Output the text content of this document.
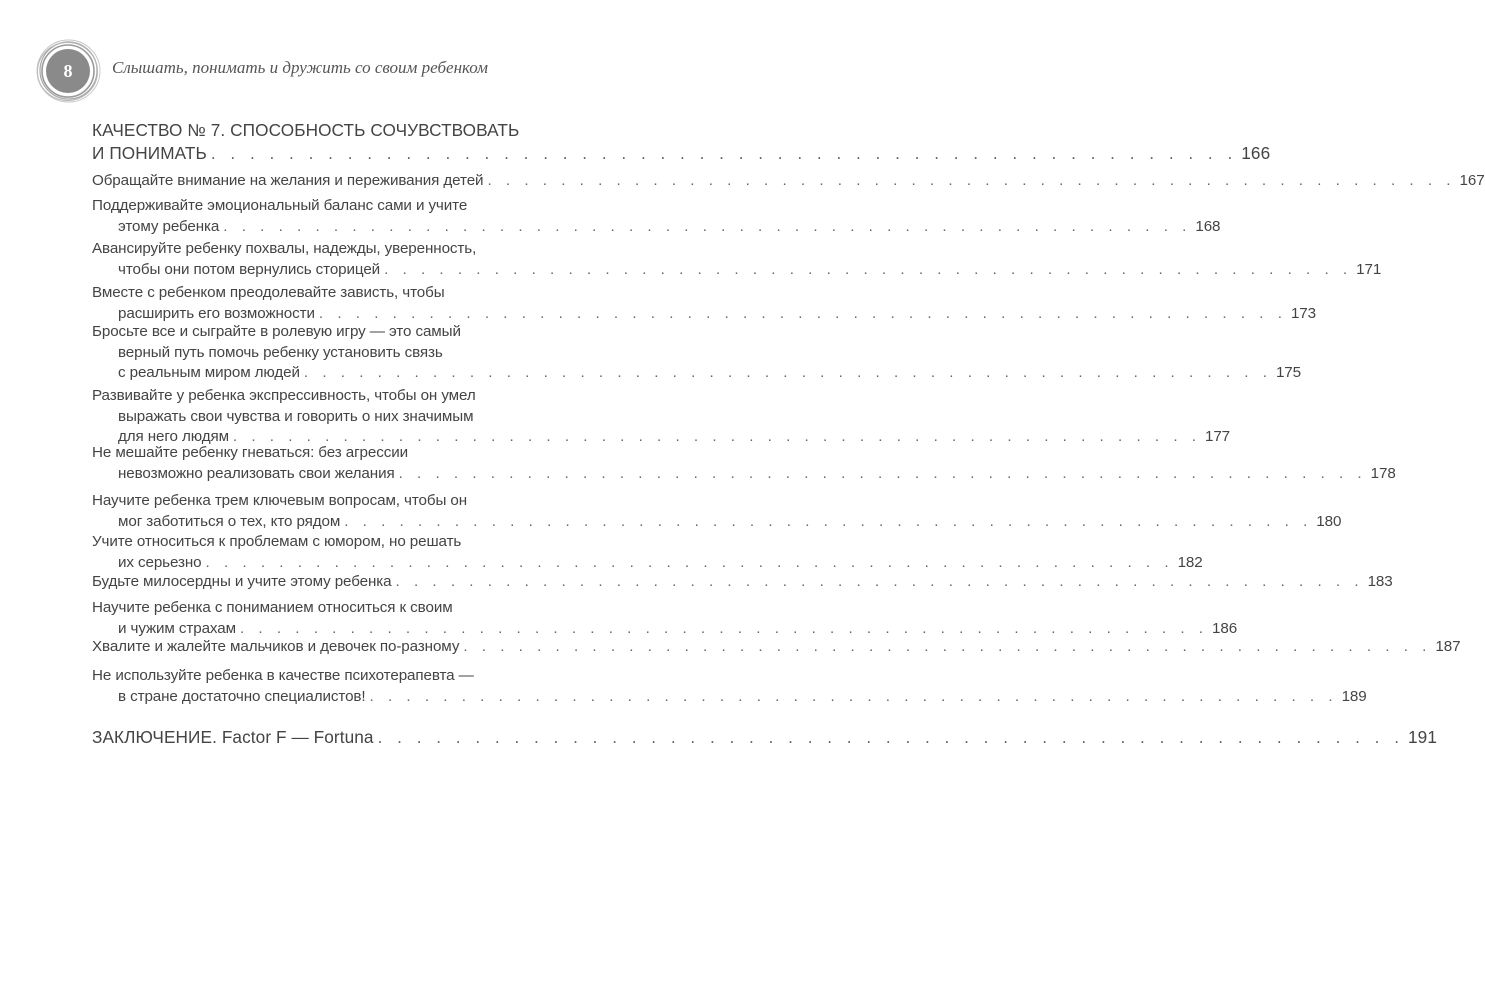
8	Слышать, понимать и дружить со своим ребенком
КАЧЕСТВО № 7. СПОСОБНОСТЬ СОЧУВСТВОВАТЬ
И ПОНИМАТЬ . . . . . . . . . . . . . . . . . . . . . . . . . . . . . . . . . . . . . . . . . . . . . . . . . . . . . 166
Обращайте внимание на желания и переживания детей . . . . . . . . . . . . . . . . . . . . . . . . . . . . . . . . . . . . . . . . . . . . . . . . . . . . . 167
Поддерживайте эмоциональный баланс сами и учите
этому ребенка . . . . . . . . . . . . . . . . . . . . . . . . . . . . . . . . . . . . . . . . . . . . . . . . . . . . . 168
Авансируйте ребенку похвалы, надежды, уверенность,
чтобы они потом вернулись сторицей . . . . . . . . . . . . . . . . . . . . . . . . . . . . . . . . . . . . . . . . . . . . . . . . . . . . . 171
Вместе с ребенком преодолевайте зависть, чтобы
расширить его возможности . . . . . . . . . . . . . . . . . . . . . . . . . . . . . . . . . . . . . . . . . . . . . . . . . . . . . 173
Бросьте все и сыграйте в ролевую игру — это самый
верный путь помочь ребенку установить связь
с реальным миром людей . . . . . . . . . . . . . . . . . . . . . . . . . . . . . . . . . . . . . . . . . . . . . . . . . . . . . 175
Развивайте у ребенка экспрессивность, чтобы он умел
выражать свои чувства и говорить о них значимым
для него людям . . . . . . . . . . . . . . . . . . . . . . . . . . . . . . . . . . . . . . . . . . . . . . . . . . . . . 177
Не мешайте ребенку гневаться: без агрессии
невозможно реализовать свои желания . . . . . . . . . . . . . . . . . . . . . . . . . . . . . . . . . . . . . . . . . . . . . . . . . . . . . 178
Научите ребенка трем ключевым вопросам, чтобы он
мог заботиться о тех, кто рядом . . . . . . . . . . . . . . . . . . . . . . . . . . . . . . . . . . . . . . . . . . . . . . . . . . . . . 180
Учите относиться к проблемам с юмором, но решать
их серьезно . . . . . . . . . . . . . . . . . . . . . . . . . . . . . . . . . . . . . . . . . . . . . . . . . . . . . 182
Будьте милосердны и учите этому ребенка . . . . . . . . . . . . . . . . . . . . . . . . . . . . . . . . . . . . . . . . . . . . . . . . . . . . . 183
Научите ребенка с пониманием относиться к своим
и чужим страхам . . . . . . . . . . . . . . . . . . . . . . . . . . . . . . . . . . . . . . . . . . . . . . . . . . . . . 186
Хвалите и жалейте мальчиков и девочек по-разному . . . . . . . . . . . . . . . . . . . . . . . . . . . . . . . . . . . . . . . . . . . . . . . . . . . . . 187
Не используйте ребенка в качестве психотерапевта —
в стране достаточно специалистов! . . . . . . . . . . . . . . . . . . . . . . . . . . . . . . . . . . . . . . . . . . . . . . . . . . . . . 189
ЗАКЛЮЧЕНИЕ. Factor F — Fortuna . . . . . . . . . . . . . . . . . . . . . . . . . . . . . . . . . . . . . . . . . . . . . . . . . . . . . 191
